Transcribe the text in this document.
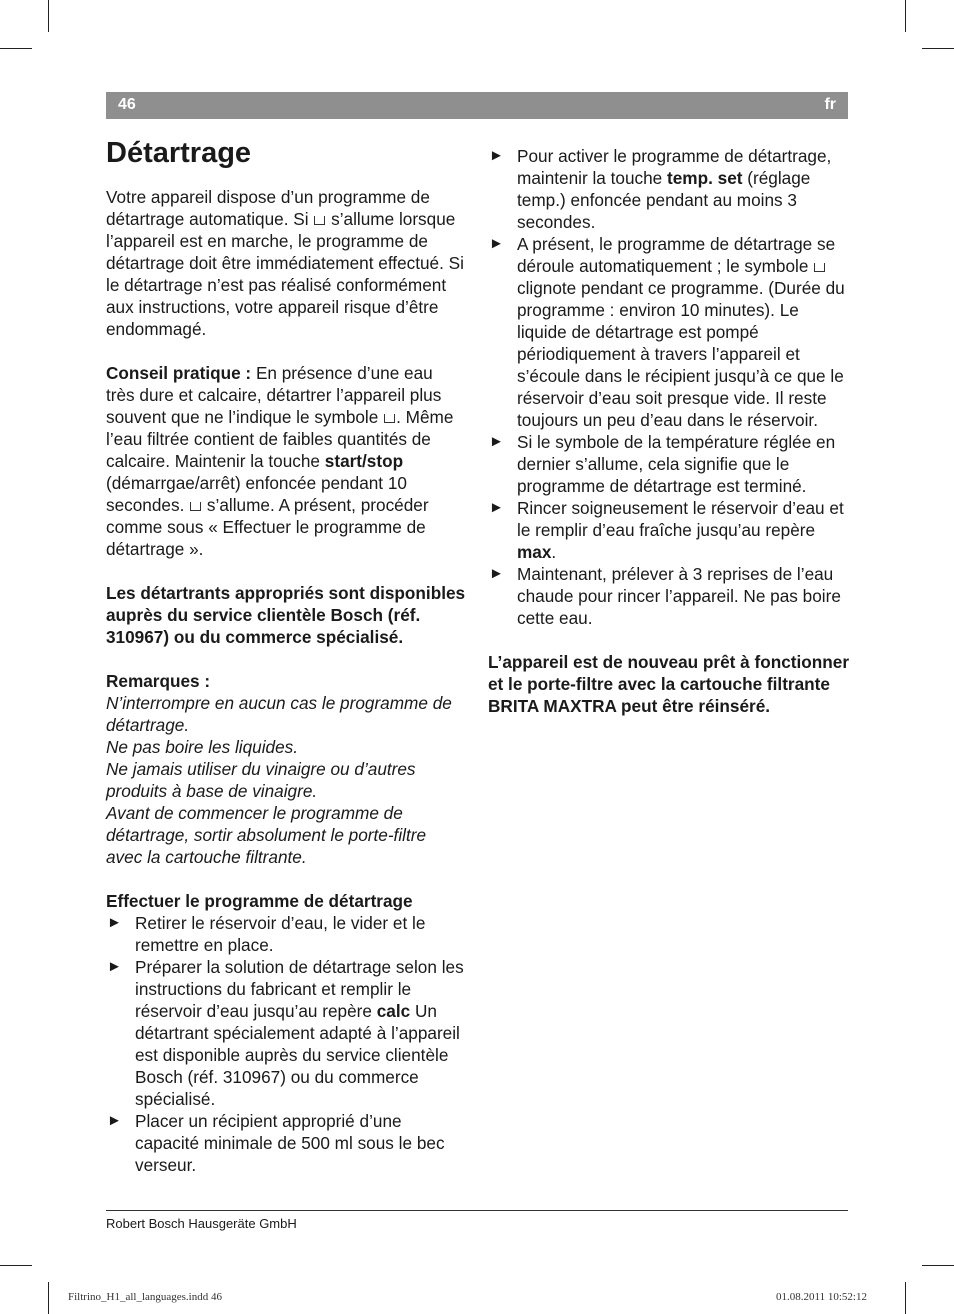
46	fr
Détartrage

Votre appareil dispose d’un programme de détartrage automatique. Si s’allume lorsque l’appareil est en marche, le programme de détartrage doit être immédiatement effectué. Si le détartrage n’est pas réalisé conformément aux instructions, votre appareil risque d’être endommagé.

Conseil pratique : En présence d’une eau très dure et calcaire, détartrer l’appareil plus souvent que ne l’indique le symbole . Même l’eau filtrée contient de faibles quantités de calcaire. Maintenir la touche start/stop (démarrgae/arrêt) enfoncée pendant 10 secondes. s’allume. A présent, procéder comme sous « Effectuer le programme de détartrage ».

Les détartrants appropriés sont disponibles auprès du service clientèle Bosch (réf. 310967) ou du commerce spécialisé.

Remarques :
N’interrompre en aucun cas le programme de détartrage.
Ne pas boire les liquides.
Ne jamais utiliser du vinaigre ou d’autres produits à base de vinaigre.
Avant de commencer le programme de détartrage, sortir absolument le porte-filtre avec la cartouche filtrante.

Effectuer le programme de détartrage
► Retirer le réservoir d’eau, le vider et le remettre en place.
► Préparer la solution de détartrage selon les instructions du fabricant et remplir le réservoir d’eau jusqu’au repère calc Un détartrant spécialement adapté à l’appareil est disponible auprès du service clientèle Bosch (réf. 310967) ou du commerce spécialisé.
► Placer un récipient approprié d’une capacité minimale de 500 ml sous le bec verseur.
► Pour activer le programme de détartrage, maintenir la touche temp. set (réglage temp.) enfoncée pendant au moins 3 secondes.
► A présent, le programme de détartrage se déroule automatiquement ; le symbole  clignote pendant ce programme. (Durée du programme : environ 10 minutes). Le liquide de détartrage est pompé périodiquement à travers l’appareil et s’écoule dans le récipient jusqu’à ce que le réservoir d’eau soit presque vide. Il reste toujours un peu d’eau dans le réservoir.
► Si le symbole de la température réglée en dernier s’allume, cela signifie que le programme de détartrage est terminé.
► Rincer soigneusement le réservoir d’eau et le remplir d’eau fraîche jusqu’au repère max.
► Maintenant, prélever à 3 reprises de l’eau chaude pour rincer l’appareil. Ne pas boire cette eau.

L’appareil est de nouveau prêt à fonctionner et le porte-filtre avec la cartouche filtrante BRITA MAXTRA peut être réinséré.

Robert Bosch Hausgeräte GmbH
Filtrino_H1_all_languages.indd 46	01.08.2011 10:52:12
